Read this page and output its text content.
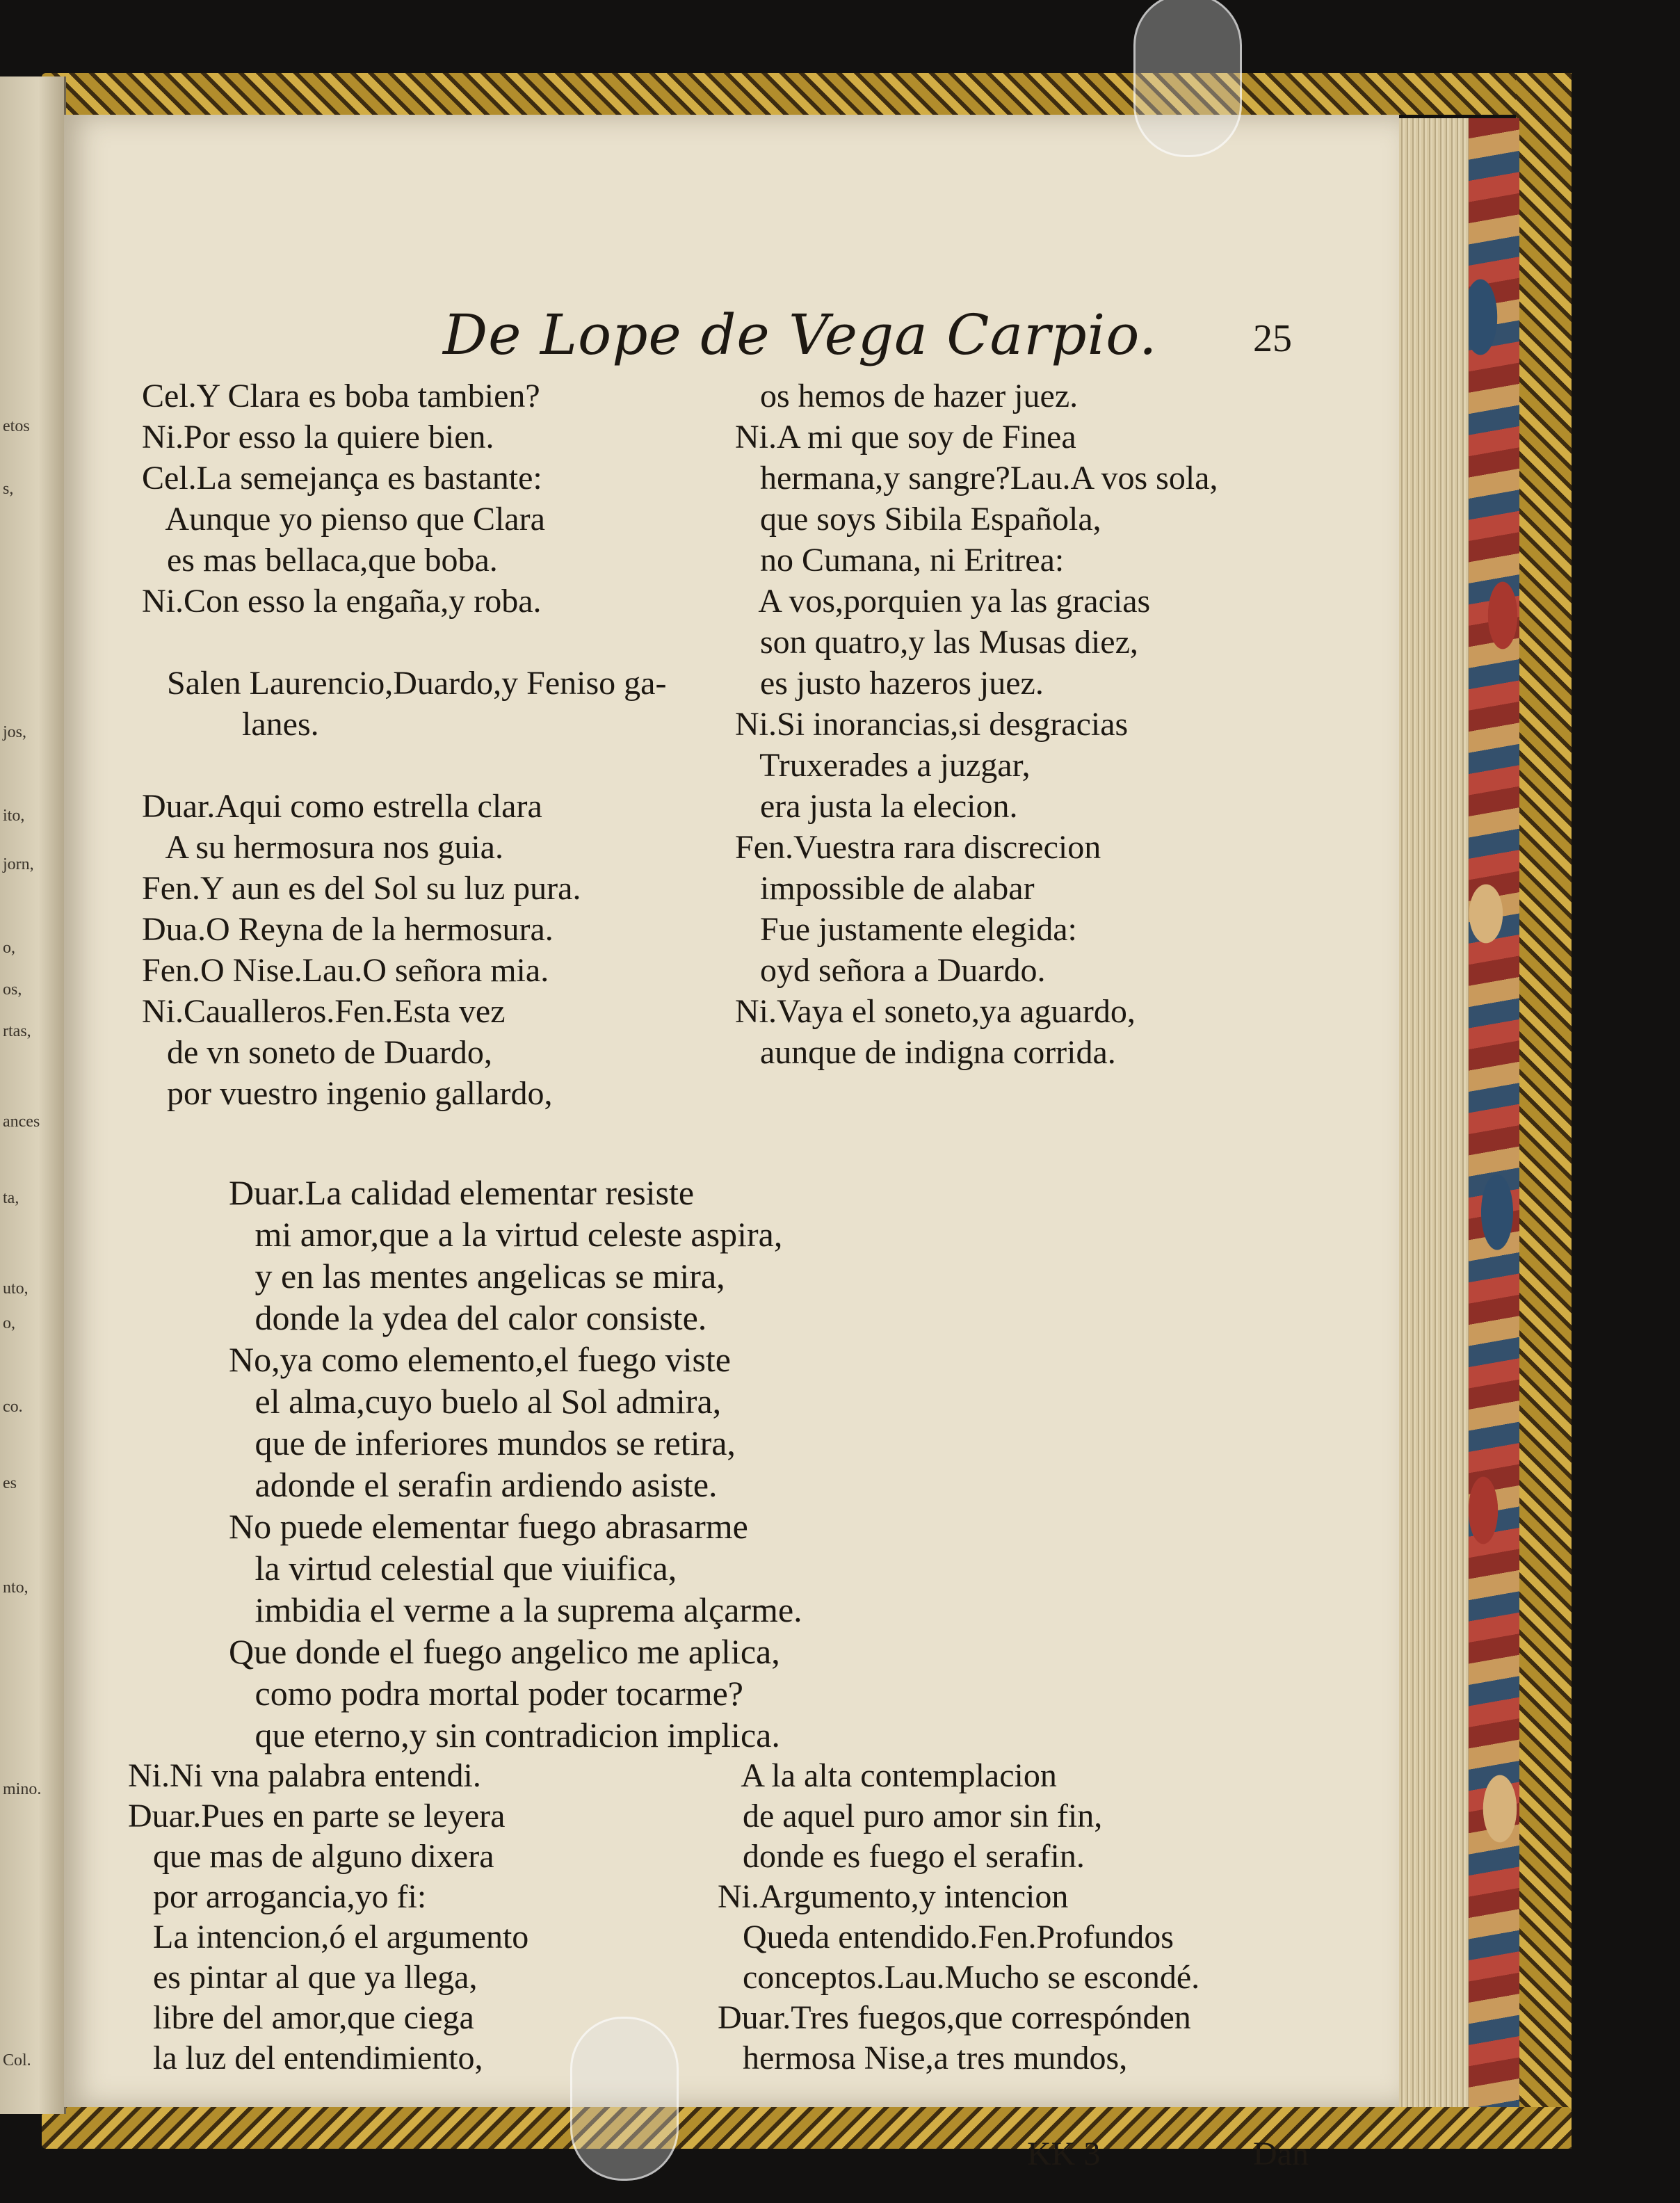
etos
s,
jos,
ito,
jorn,
o,
os,
rtas,
ances
ta,
uto,
o,
co.
es
nto,
mino.
Col.
De Lope de Vega Carpio. 25
Cel.Y Clara es boba tambien?
Ni.Por esso la quiere bien.
Cel.La semejança es bastante:
Aunque yo pienso que Clara
es mas bellaca,que boba.
Ni.Con esso la engaña,y roba.

Salen Laurencio,Duardo,y Feniso ga-
lanes.

Duar.Aqui como estrella clara
A su hermosura nos guia.
Fen.Y aun es del Sol su luz pura.
Dua.O Reyna de la hermosura.
Fen.O Nise.Lau.O señora mia.
Ni.Caualleros.Fen.Esta vez
de vn soneto de Duardo,
por vuestro ingenio gallardo,
os hemos de hazer juez.
Ni.A mi que soy de Finea
hermana,y sangre?Lau.A vos sola,
que soys Sibila Española,
no Cumana, ni Eritrea:
A vos,porquien ya las gracias
son quatro,y las Musas diez,
es justo hazeros juez.
Ni.Si inorancias,si desgracias
Truxerades a juzgar,
era justa la elecion.
Fen.Vuestra rara discrecion
impossible de alabar
Fue justamente elegida:
oyd señora a Duardo.
Ni.Vaya el soneto,ya aguardo,
aunque de indigna corrida.
Duar.La calidad elementar resiste
mi amor,que a la virtud celeste aspira,
y en las mentes angelicas se mira,
donde la ydea del calor consiste.
No,ya como elemento,el fuego viste
el alma,cuyo buelo al Sol admira,
que de inferiores mundos se retira,
adonde el serafin ardiendo asiste.
No puede elementar fuego abrasarme
la virtud celestial que viuifica,
imbidia el verme a la suprema alçarme.
Que donde el fuego angelico me aplica,
como podra mortal poder tocarme?
que eterno,y sin contradicion implica.
Ni.Ni vna palabra entendi.
Duar.Pues en parte se leyera
que mas de alguno dixera
por arrogancia,yo fi:
La intencion,ó el argumento
es pintar al que ya llega,
libre del amor,que ciega
la luz del entendimiento,
A la alta contemplacion
de aquel puro amor sin fin,
donde es fuego el serafin.
Ni.Argumento,y intencion
Queda entendido.Fen.Profundos
conceptos.Lau.Mucho se escondé.
Duar.Tres fuegos,que correspónden
hermosa Nise,a tres mundos,
KK 3	Dan
